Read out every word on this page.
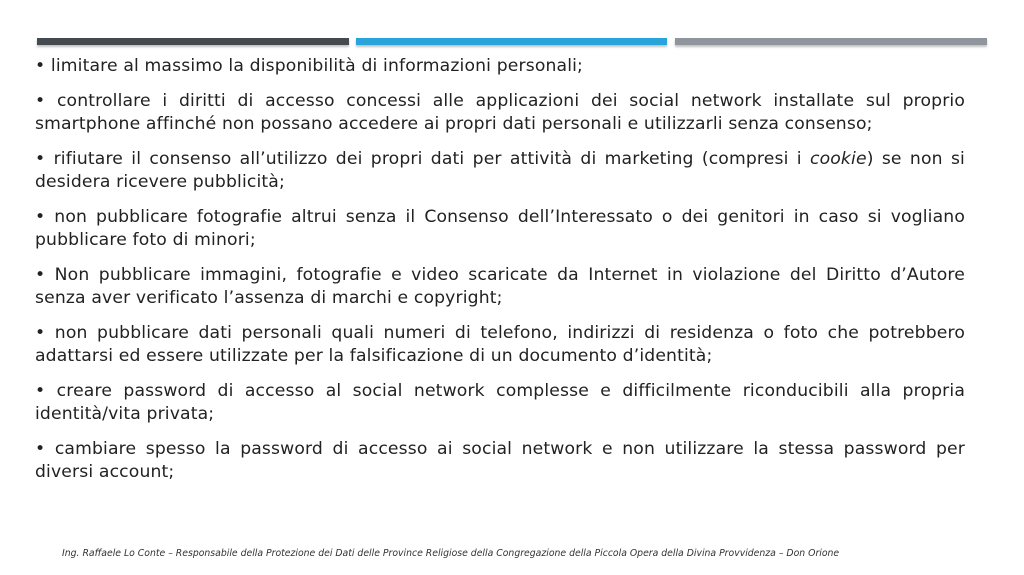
• limitare al massimo la disponibilità di informazioni personali;

• controllare i diritti di accesso concessi alle applicazioni dei social network installate sul proprio smartphone affinché non possano accedere ai propri dati personali e utilizzarli senza consenso;

• rifiutare il consenso all’utilizzo dei propri dati per attività di marketing (compresi i cookie) se non si desidera ricevere pubblicità;

• non pubblicare fotografie altrui senza il Consenso dell’Interessato o dei genitori in caso si vogliano pubblicare foto di minori;

• Non pubblicare immagini, fotografie e video scaricate da Internet in violazione del Diritto d’Autore senza aver verificato l’assenza di marchi e copyright;

• non pubblicare dati personali quali numeri di telefono, indirizzi di residenza o foto che potrebbero adattarsi ed essere utilizzate per la falsificazione di un documento d’identità;

• creare password di accesso al social network complesse e difficilmente riconducibili alla propria identità/vita privata;

• cambiare spesso la password di accesso ai social network e non utilizzare la stessa password per diversi account;

Ing. Raffaele Lo Conte – Responsabile della Protezione dei Dati delle Province Religiose della Congregazione della Piccola Opera della Divina Provvidenza – Don Orione
